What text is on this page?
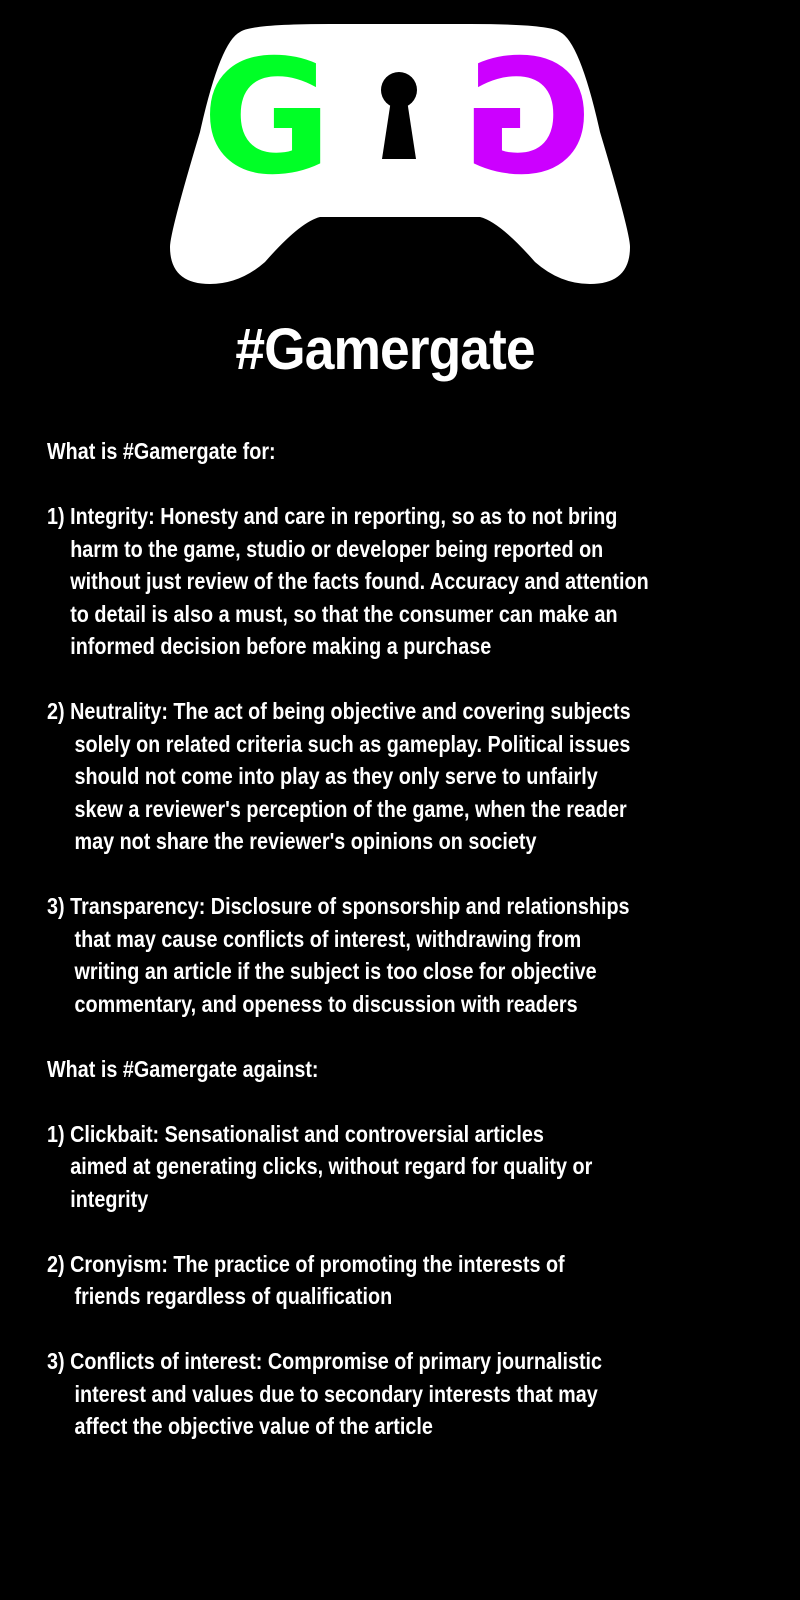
G G
#Gamergate
What is #Gamergate for:
1) Integrity: Honesty and care in reporting, so as to not bring
harm to the game, studio or developer being reported on
without just review of the facts found. Accuracy and attention
to detail is also a must, so that the consumer can make an
informed decision before making a purchase
2) Neutrality: The act of being objective and covering subjects
solely on related criteria such as gameplay. Political issues
should not come into play as they only serve to unfairly
skew a reviewer's perception of the game, when the reader
may not share the reviewer's opinions on society
3) Transparency: Disclosure of sponsorship and relationships
that may cause conflicts of interest, withdrawing from
writing an article if the subject is too close for objective
commentary, and openess to discussion with readers
What is #Gamergate against:
1) Clickbait: Sensationalist and controversial articles
aimed at generating clicks, without regard for quality or
integrity
2) Cronyism: The practice of promoting the interests of
friends regardless of qualification
3) Conflicts of interest: Compromise of primary journalistic
interest and values due to secondary interests that may
affect the objective value of the article
